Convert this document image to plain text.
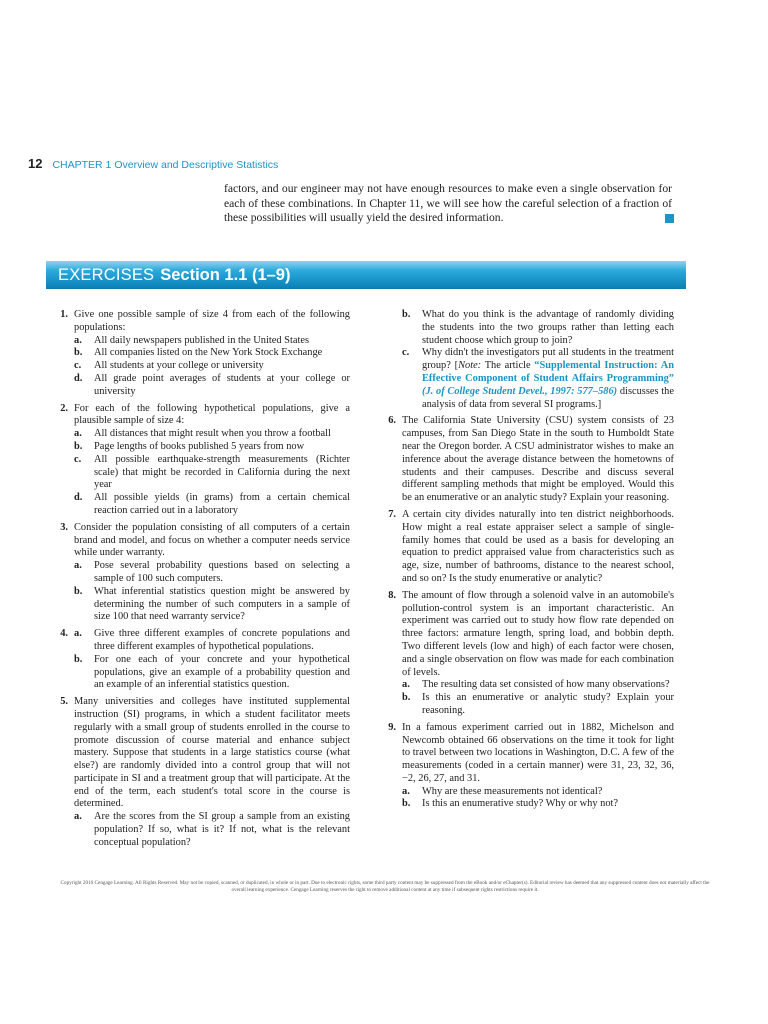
12 CHAPTER 1 Overview and Descriptive Statistics

factors, and our engineer may not have enough resources to make even a single observation for each of these combinations. In Chapter 11, we will see how the careful selection of a fraction of these possibilities will usually yield the desired information.

EXERCISES Section 1.1 (1–9)
1. Give one possible sample of size 4 from each of the following populations:
a.	All daily newspapers published in the United States
b.	All companies listed on the New York Stock Exchange
c.	All students at your college or university
d.	All grade point averages of students at your college or university
2. For each of the following hypothetical populations, give a plausible sample of size 4:
a.	All distances that might result when you throw a football
b.	Page lengths of books published 5 years from now
c.	All possible earthquake-strength measurements (Richter scale) that might be recorded in California during the next year
d.	All possible yields (in grams) from a certain chemical reaction carried out in a laboratory
3. Consider the population consisting of all computers of a certain brand and model, and focus on whether a computer needs service while under warranty.
a.	Pose several probability questions based on selecting a sample of 100 such computers.
b.	What inferential statistics question might be answered by determining the number of such computers in a sample of size 100 that need warranty service?
4. a.	Give three different examples of concrete populations and three different examples of hypothetical populations.
b.	For one each of your concrete and your hypothetical populations, give an example of a probability question and an example of an inferential statistics question.
5. Many universities and colleges have instituted supplemental instruction (SI) programs, in which a student facilitator meets regularly with a small group of students enrolled in the course to promote discussion of course material and enhance subject mastery. Suppose that students in a large statistics course (what else?) are randomly divided into a control group that will not participate in SI and a treatment group that will participate. At the end of the term, each student's total score in the course is determined.
a.	Are the scores from the SI group a sample from an existing population? If so, what is it? If not, what is the relevant conceptual population?
b.	What do you think is the advantage of randomly dividing the students into the two groups rather than letting each student choose which group to join?
c.	Why didn't the investigators put all students in the treatment group? [Note: The article “Supplemental Instruction: An Effective Component of Student Affairs Programming” (J. of College Student Devel., 1997: 577–586) discusses the analysis of data from several SI programs.]
6. The California State University (CSU) system consists of 23 campuses, from San Diego State in the south to Humboldt State near the Oregon border. A CSU administrator wishes to make an inference about the average distance between the hometowns of students and their campuses. Describe and discuss several different sampling methods that might be employed. Would this be an enumerative or an analytic study? Explain your reasoning.
7. A certain city divides naturally into ten district neighborhoods. How might a real estate appraiser select a sample of single-family homes that could be used as a basis for developing an equation to predict appraised value from characteristics such as age, size, number of bathrooms, distance to the nearest school, and so on? Is the study enumerative or analytic?
8. The amount of flow through a solenoid valve in an automobile's pollution-control system is an important characteristic. An experiment was carried out to study how flow rate depended on three factors: armature length, spring load, and bobbin depth. Two different levels (low and high) of each factor were chosen, and a single observation on flow was made for each combination of levels.
a.	The resulting data set consisted of how many observations?
b.	Is this an enumerative or analytic study? Explain your reasoning.
9. In a famous experiment carried out in 1882, Michelson and Newcomb obtained 66 observations on the time it took for light to travel between two locations in Washington, D.C. A few of the measurements (coded in a certain manner) were 31, 23, 32, 36, −2, 26, 27, and 31.
a.	Why are these measurements not identical?
b.	Is this an enumerative study? Why or why not?
Copyright 2016 Cengage Learning. All Rights Reserved. May not be copied, scanned, or duplicated, in whole or in part. Due to electronic rights, some third party content may be suppressed from the eBook and/or eChapter(s). Editorial review has deemed that any suppressed content does not materially affect the overall learning experience. Cengage Learning reserves the right to remove additional content at any time if subsequent rights restrictions require it.
